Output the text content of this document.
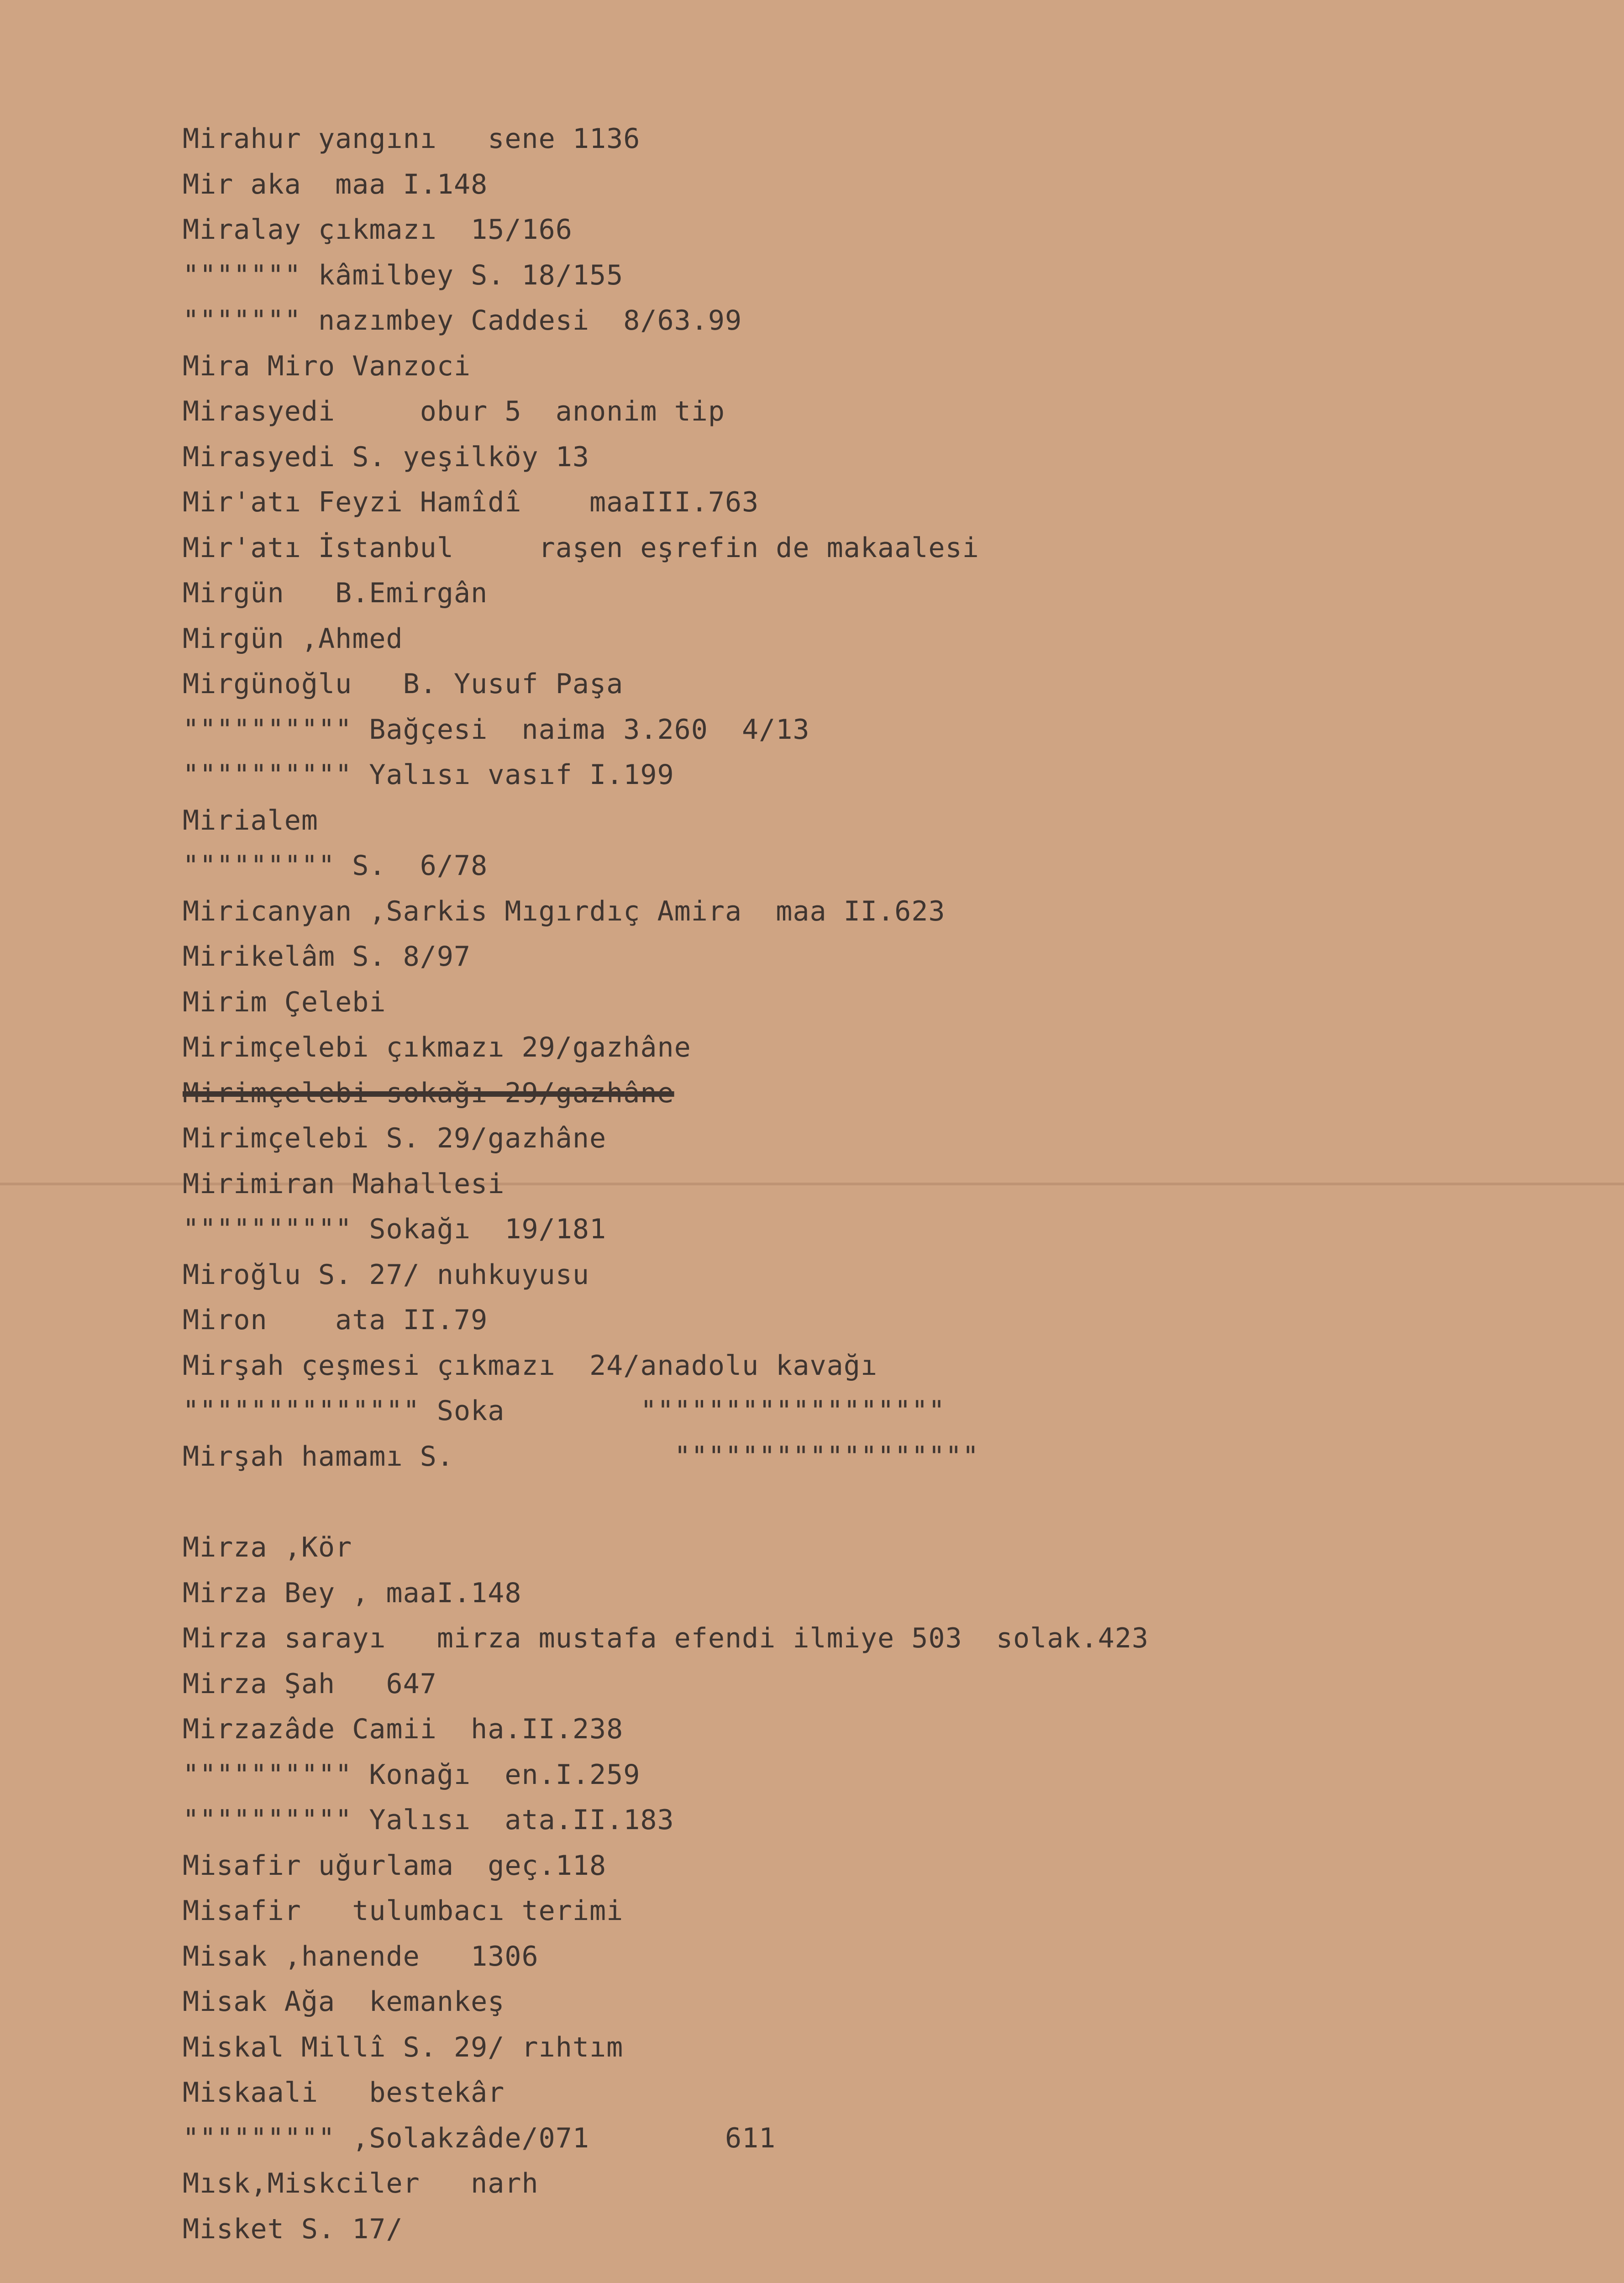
Mirahur yangını   sene 1136
Mir aka  maa I.148
Miralay çıkmazı  15/166
""""""" kâmilbey S. 18/155
""""""" nazımbey Caddesi  8/63.99
Mira Miro Vanzoci
Mirasyedi     obur 5  anonim tip
Mirasyedi S. yeşilköy 13
Mir'atı Feyzi Hamîdî    maaIII.763
Mir'atı İstanbul     raşen eşrefin de makaalesi
Mirgün   B.Emirgân
Mirgün ,Ahmed
Mirgünoğlu   B. Yusuf Paşa
"""""""""" Bağçesi  naima 3.260  4/13
"""""""""" Yalısı vasıf I.199
Mirialem
""""""""" S.  6/78
Miricanyan ,Sarkis Mıgırdıç Amira  maa II.623
Mirikelâm S. 8/97
Mirim Çelebi
Mirimçelebi çıkmazı 29/gazhâne
Mirimçelebi sokağı 29/gazhâne
Mirimçelebi S. 29/gazhâne
Mirimiran Mahallesi
"""""""""" Sokağı  19/181
Miroğlu S. 27/ nuhkuyusu
Miron    ata II.79
Mirşah çeşmesi çıkmazı  24/anadolu kavağı
"""""""""""""" Soka        """"""""""""""""""
Mirşah hamamı S.             """"""""""""""""""
Mirza ,Kör
Mirza Bey , maaI.148
Mirza sarayı   mirza mustafa efendi ilmiye 503  solak.423
Mirza Şah   647
Mirzazâde Camii  ha.II.238
"""""""""" Konağı  en.I.259
"""""""""" Yalısı  ata.II.183
Misafir uğurlama  geç.118
Misafir   tulumbacı terimi
Misak ,hanende   1306
Misak Ağa  kemankeş
Miskal Millî S. 29/ rıhtım
Miskaali   bestekâr
""""""""" ,Solakzâde/071        611
Mısk,Miskciler   narh
Misket S. 17/
